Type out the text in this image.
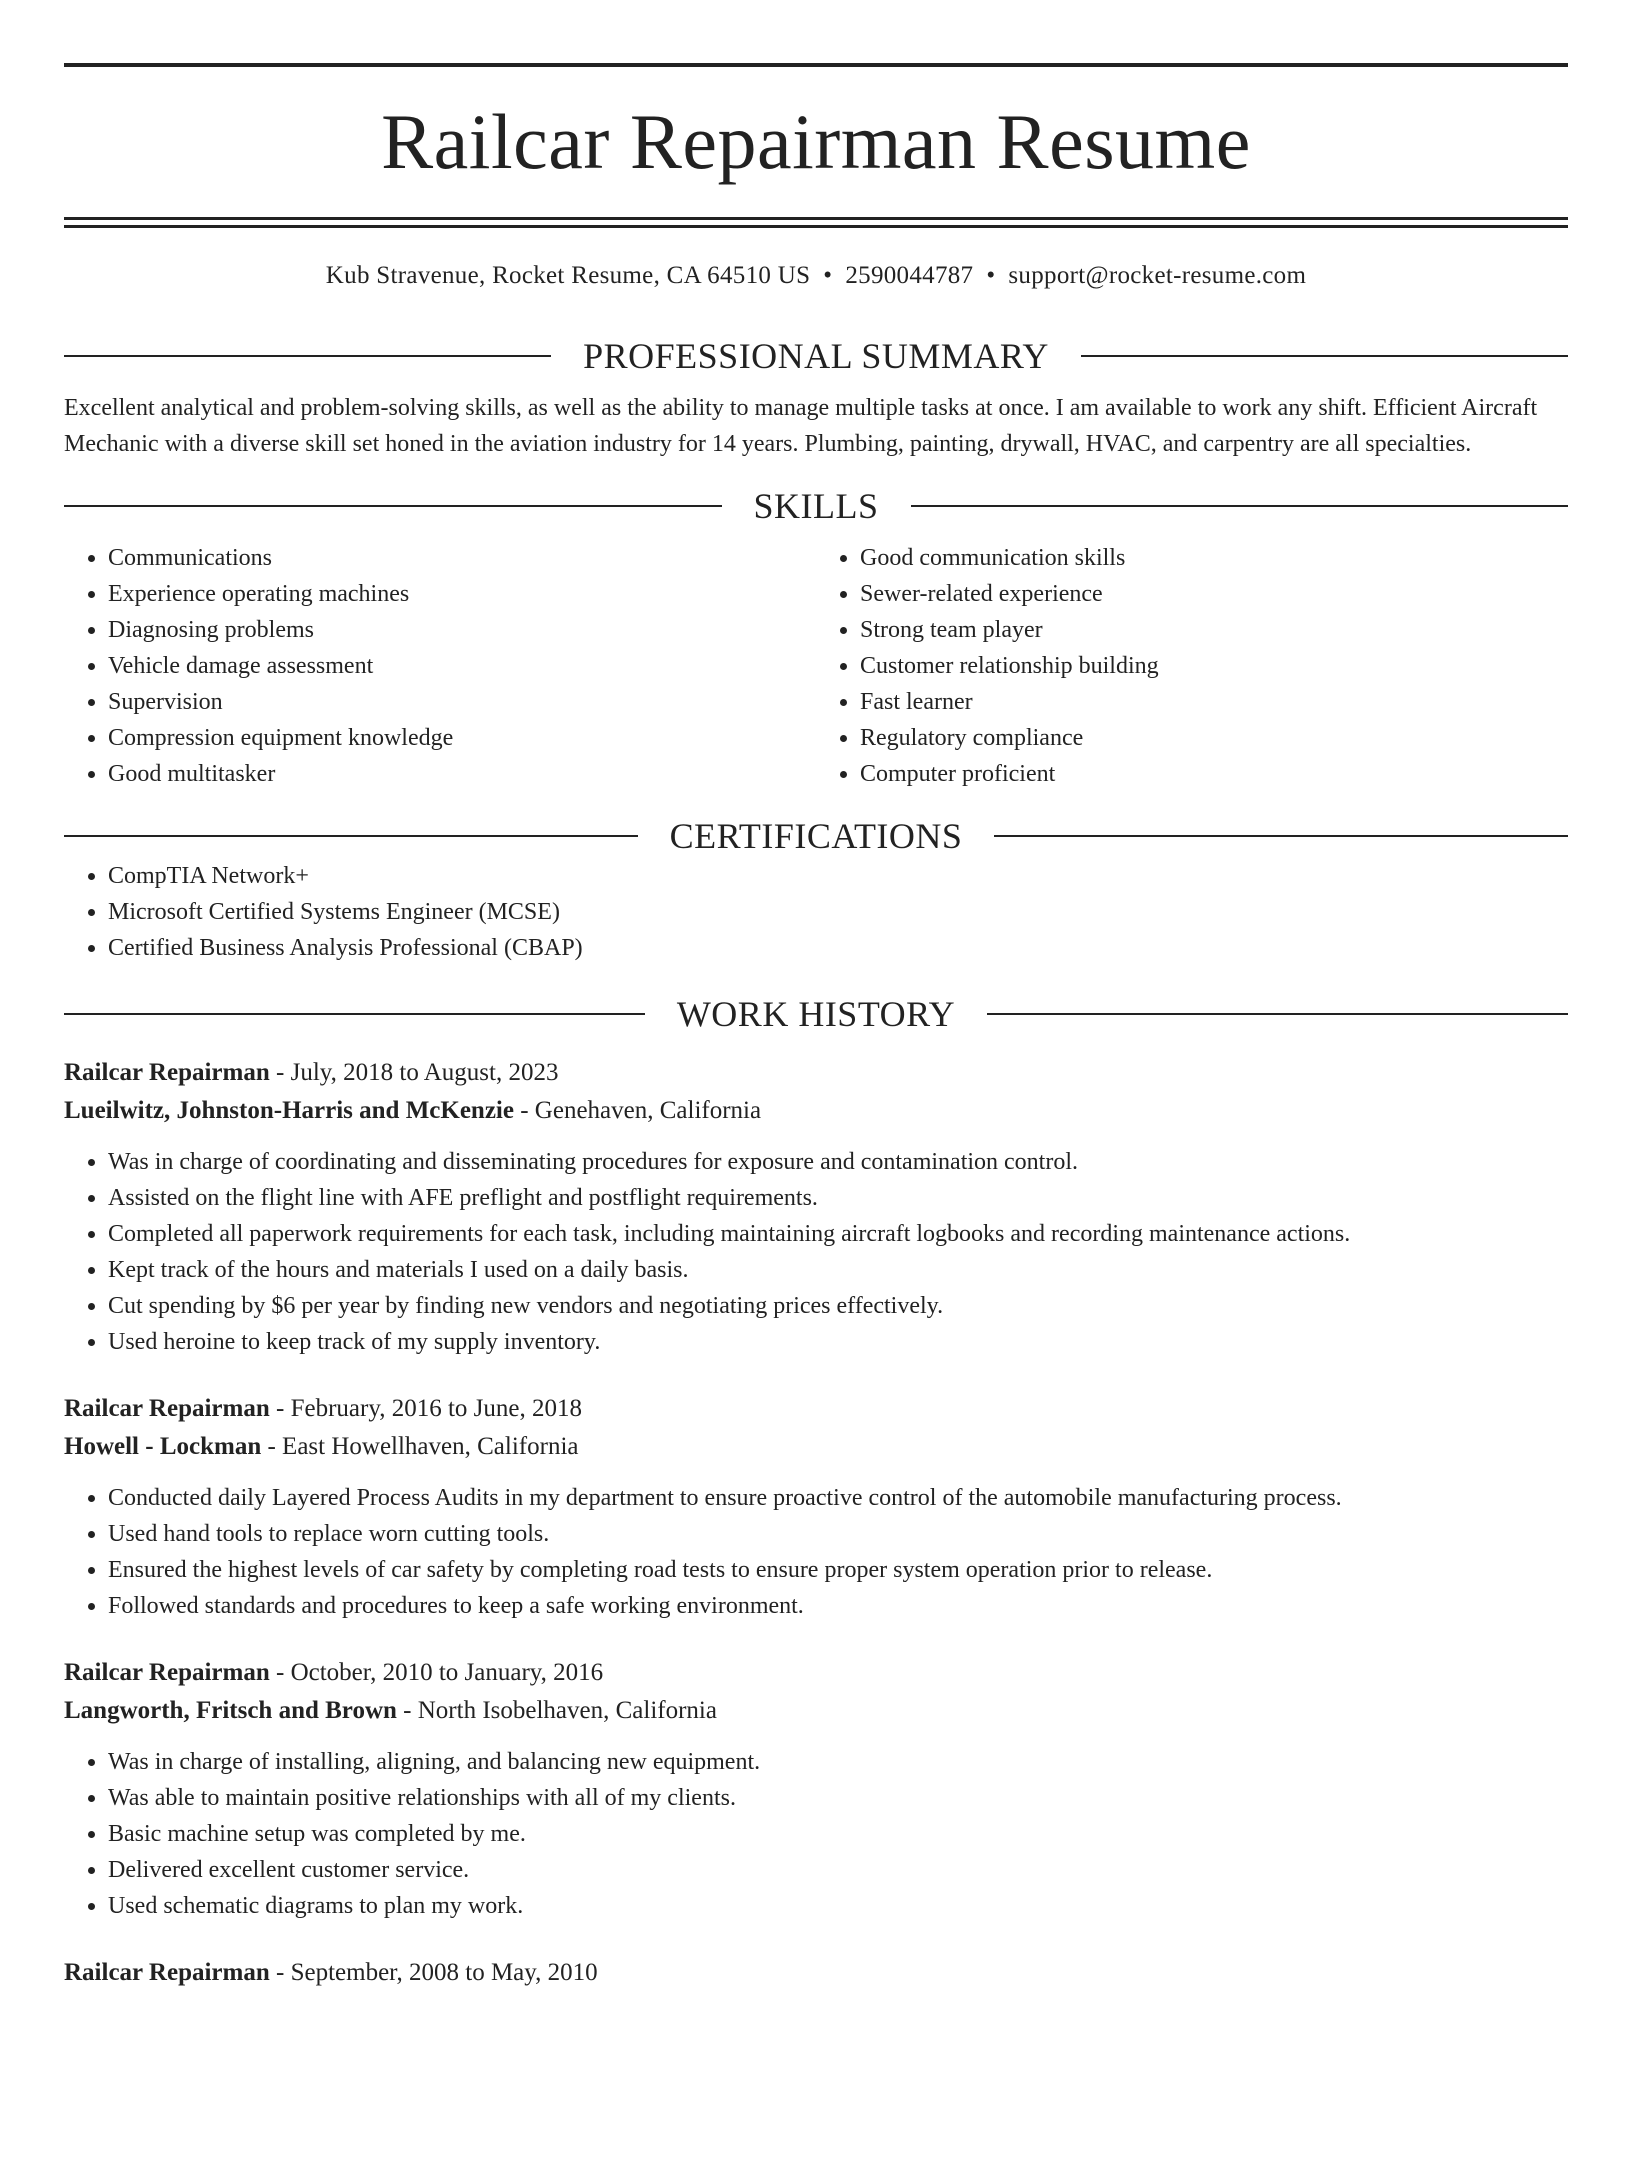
Railcar Repairman Resume
Kub Stravenue, Rocket Resume, CA 64510 US • 2590044787 • support@rocket-resume.com
PROFESSIONAL SUMMARY
Excellent analytical and problem-solving skills, as well as the ability to manage multiple tasks at once. I am available to work any shift. Efficient Aircraft Mechanic with a diverse skill set honed in the aviation industry for 14 years. Plumbing, painting, drywall, HVAC, and carpentry are all specialties.
SKILLS
• Communications
• Experience operating machines
• Diagnosing problems
• Vehicle damage assessment
• Supervision
• Compression equipment knowledge
• Good multitasker
• Good communication skills
• Sewer-related experience
• Strong team player
• Customer relationship building
• Fast learner
• Regulatory compliance
• Computer proficient
CERTIFICATIONS
• CompTIA Network+
• Microsoft Certified Systems Engineer (MCSE)
• Certified Business Analysis Professional (CBAP)
WORK HISTORY
Railcar Repairman - July, 2018 to August, 2023
Lueilwitz, Johnston-Harris and McKenzie - Genehaven, California
• Was in charge of coordinating and disseminating procedures for exposure and contamination control.
• Assisted on the flight line with AFE preflight and postflight requirements.
• Completed all paperwork requirements for each task, including maintaining aircraft logbooks and recording maintenance actions.
• Kept track of the hours and materials I used on a daily basis.
• Cut spending by $6 per year by finding new vendors and negotiating prices effectively.
• Used heroine to keep track of my supply inventory.
Railcar Repairman - February, 2016 to June, 2018
Howell - Lockman - East Howellhaven, California
• Conducted daily Layered Process Audits in my department to ensure proactive control of the automobile manufacturing process.
• Used hand tools to replace worn cutting tools.
• Ensured the highest levels of car safety by completing road tests to ensure proper system operation prior to release.
• Followed standards and procedures to keep a safe working environment.
Railcar Repairman - October, 2010 to January, 2016
Langworth, Fritsch and Brown - North Isobelhaven, California
• Was in charge of installing, aligning, and balancing new equipment.
• Was able to maintain positive relationships with all of my clients.
• Basic machine setup was completed by me.
• Delivered excellent customer service.
• Used schematic diagrams to plan my work.
Railcar Repairman - September, 2008 to May, 2010
